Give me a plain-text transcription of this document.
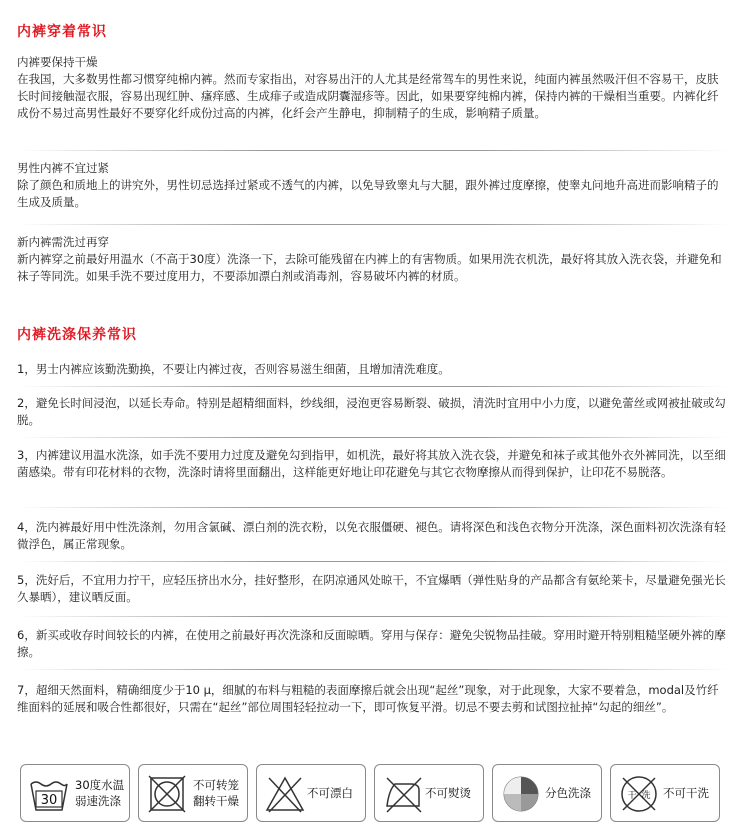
内裤穿着常识
内裤要保持干燥
在我国，大多数男性都习惯穿纯棉内裤。然而专家指出，对容易出汗的人尤其是经常驾车的男性来说，纯面内裤虽然吸汗但不容易干，皮肤长时间接触湿衣服，容易出现红肿、瘙痒感、生成痱子或造成阴囊湿疹等。因此，如果要穿纯棉内裤，保持内裤的干燥相当重要。内裤化纤成份不易过高男性最好不要穿化纤成份过高的内裤，化纤会产生静电，抑制精子的生成，影响精子质量。
男性内裤不宜过紧
除了颜色和质地上的讲究外，男性切忌选择过紧或不透气的内裤，以免导致睾丸与大腿，跟外裤过度摩擦，使睾丸问地升高进而影响精子的生成及质量。
新内裤需洗过再穿
新内裤穿之前最好用温水（不高于30度）洗涤一下，去除可能残留在内裤上的有害物质。如果用洗衣机洗，最好将其放入洗衣袋，并避免和袜子等同洗。如果手洗不要过度用力，不要添加漂白剂或消毒剂，容易破坏内裤的材质。
内裤洗涤保养常识
1，男士内裤应该勤洗勤换，不要让内裤过夜，否则容易滋生细菌，且增加清洗难度。
2，避免长时间浸泡，以延长寿命。特别是超精细面料，纱线细，浸泡更容易断裂、破损，清洗时宜用中小力度，以避免蕾丝或网被扯破或勾脱。
3，内裤建议用温水洗涤，如手洗不要用力过度及避免勾到指甲，如机洗，最好将其放入洗衣袋，并避免和袜子或其他外衣外裤同洗，以至细菌感染。带有印花材料的衣物，洗涤时请将里面翻出，这样能更好地让印花避免与其它衣物摩擦从而得到保护，让印花不易脱落。
4，洗内裤最好用中性洗涤剂，勿用含氯碱、漂白剂的洗衣粉，以免衣服僵硬、褪色。请将深色和浅色衣物分开洗涤，深色面料初次洗涤有轻微浮色，属正常现象。
5，洗好后，不宜用力拧干，应轻压挤出水分，挂好整形，在阴凉通风处晾干，不宜爆晒（弹性贴身的产品都含有氨纶莱卡，尽量避免强光长久暴晒），建议晒反面。
6，新买或收存时间较长的内裤，在使用之前最好再次洗涤和反面晾晒。穿用与保存：避免尖锐物品挂破。穿用时避开特别粗糙坚硬外裤的摩擦。
7，超细天然面料，精确细度少于10 μ，细腻的布料与粗糙的表面摩擦后就会出现“起丝”现象，对于此现象，大家不要着急，modal及竹纤维面料的延展和吸合性都很好，只需在“起丝”部位周围轻轻拉动一下，即可恢复平滑。切忌不要去剪和试图拉扯掉“勾起的细丝”。
30
30度水温
弱速洗涤
不可转笼
翻转干燥
不可漂白	不可熨烫	分色洗涤	干 洗 不可干洗
